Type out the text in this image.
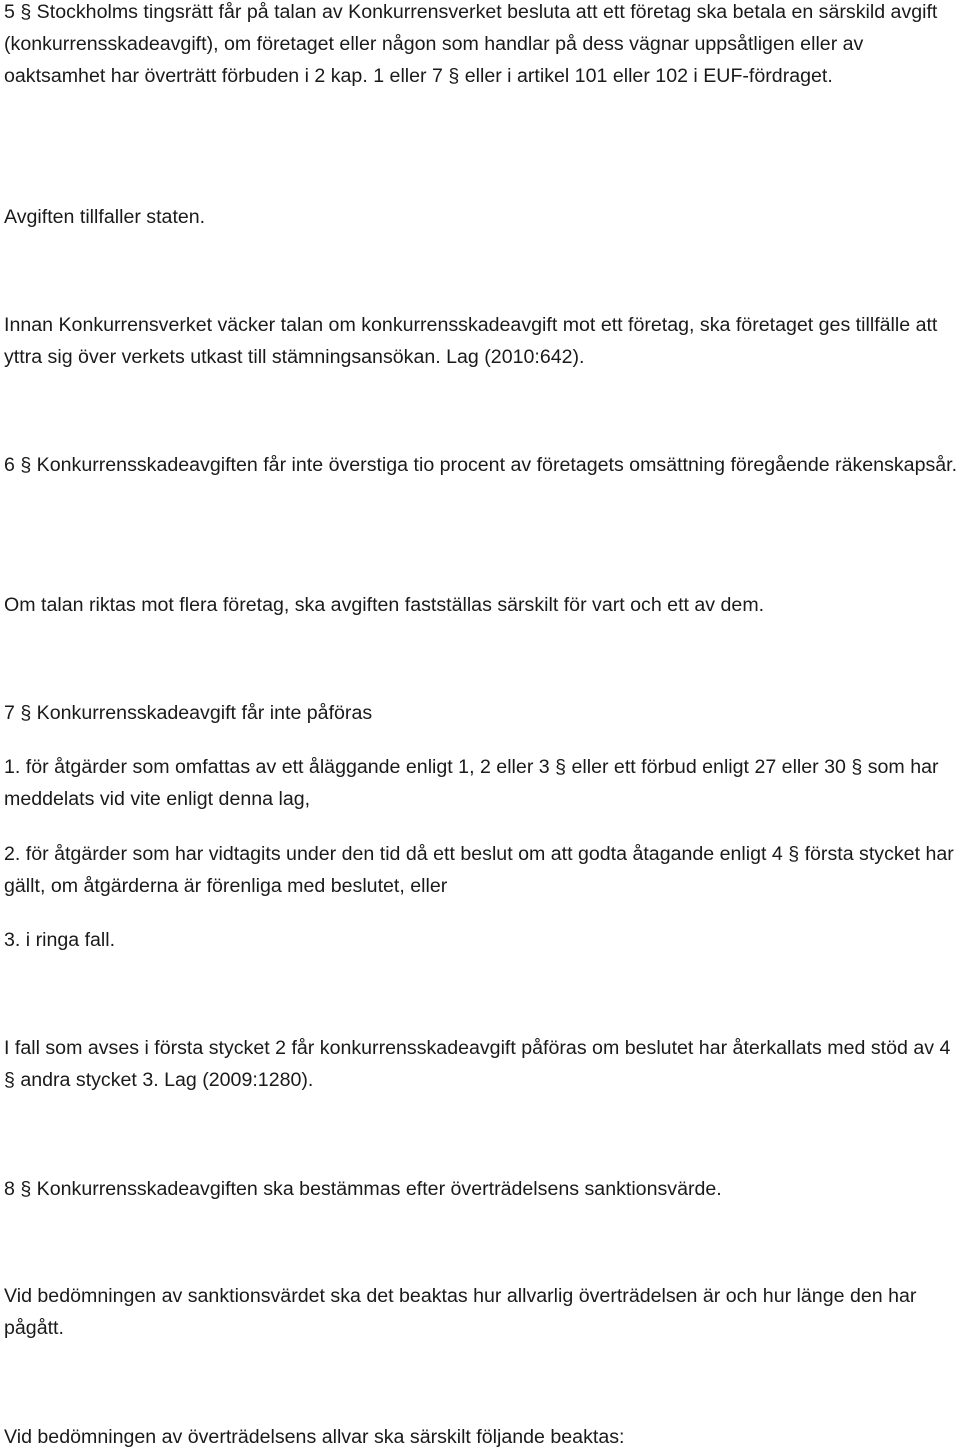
5 § Stockholms tingsrätt får på talan av Konkurrensverket besluta att ett företag ska betala en särskild avgift (konkurrensskadeavgift), om företaget eller någon som handlar på dess vägnar uppsåtligen eller av oaktsamhet har överträtt förbuden i 2 kap. 1 eller 7 § eller i artikel 101 eller 102 i EUF-fördraget.

Avgiften tillfaller staten.

Innan Konkurrensverket väcker talan om konkurrensskadeavgift mot ett företag, ska företaget ges tillfälle att yttra sig över verkets utkast till stämningsansökan. Lag (2010:642).

6 § Konkurrensskadeavgiften får inte överstiga tio procent av företagets omsättning föregående räkenskapsår.

Om talan riktas mot flera företag, ska avgiften fastställas särskilt för vart och ett av dem.

7 § Konkurrensskadeavgift får inte påföras

1. för åtgärder som omfattas av ett åläggande enligt 1, 2 eller 3 § eller ett förbud enligt 27 eller 30 § som har meddelats vid vite enligt denna lag,

2. för åtgärder som har vidtagits under den tid då ett beslut om att godta åtagande enligt 4 § första stycket har gällt, om åtgärderna är förenliga med beslutet, eller

3. i ringa fall.

I fall som avses i första stycket 2 får konkurrensskadeavgift påföras om beslutet har återkallats med stöd av 4 § andra stycket 3. Lag (2009:1280).

8 § Konkurrensskadeavgiften ska bestämmas efter överträdelsens sanktionsvärde.

Vid bedömningen av sanktionsvärdet ska det beaktas hur allvarlig överträdelsen är och hur länge den har pågått.

Vid bedömningen av överträdelsens allvar ska särskilt följande beaktas:
